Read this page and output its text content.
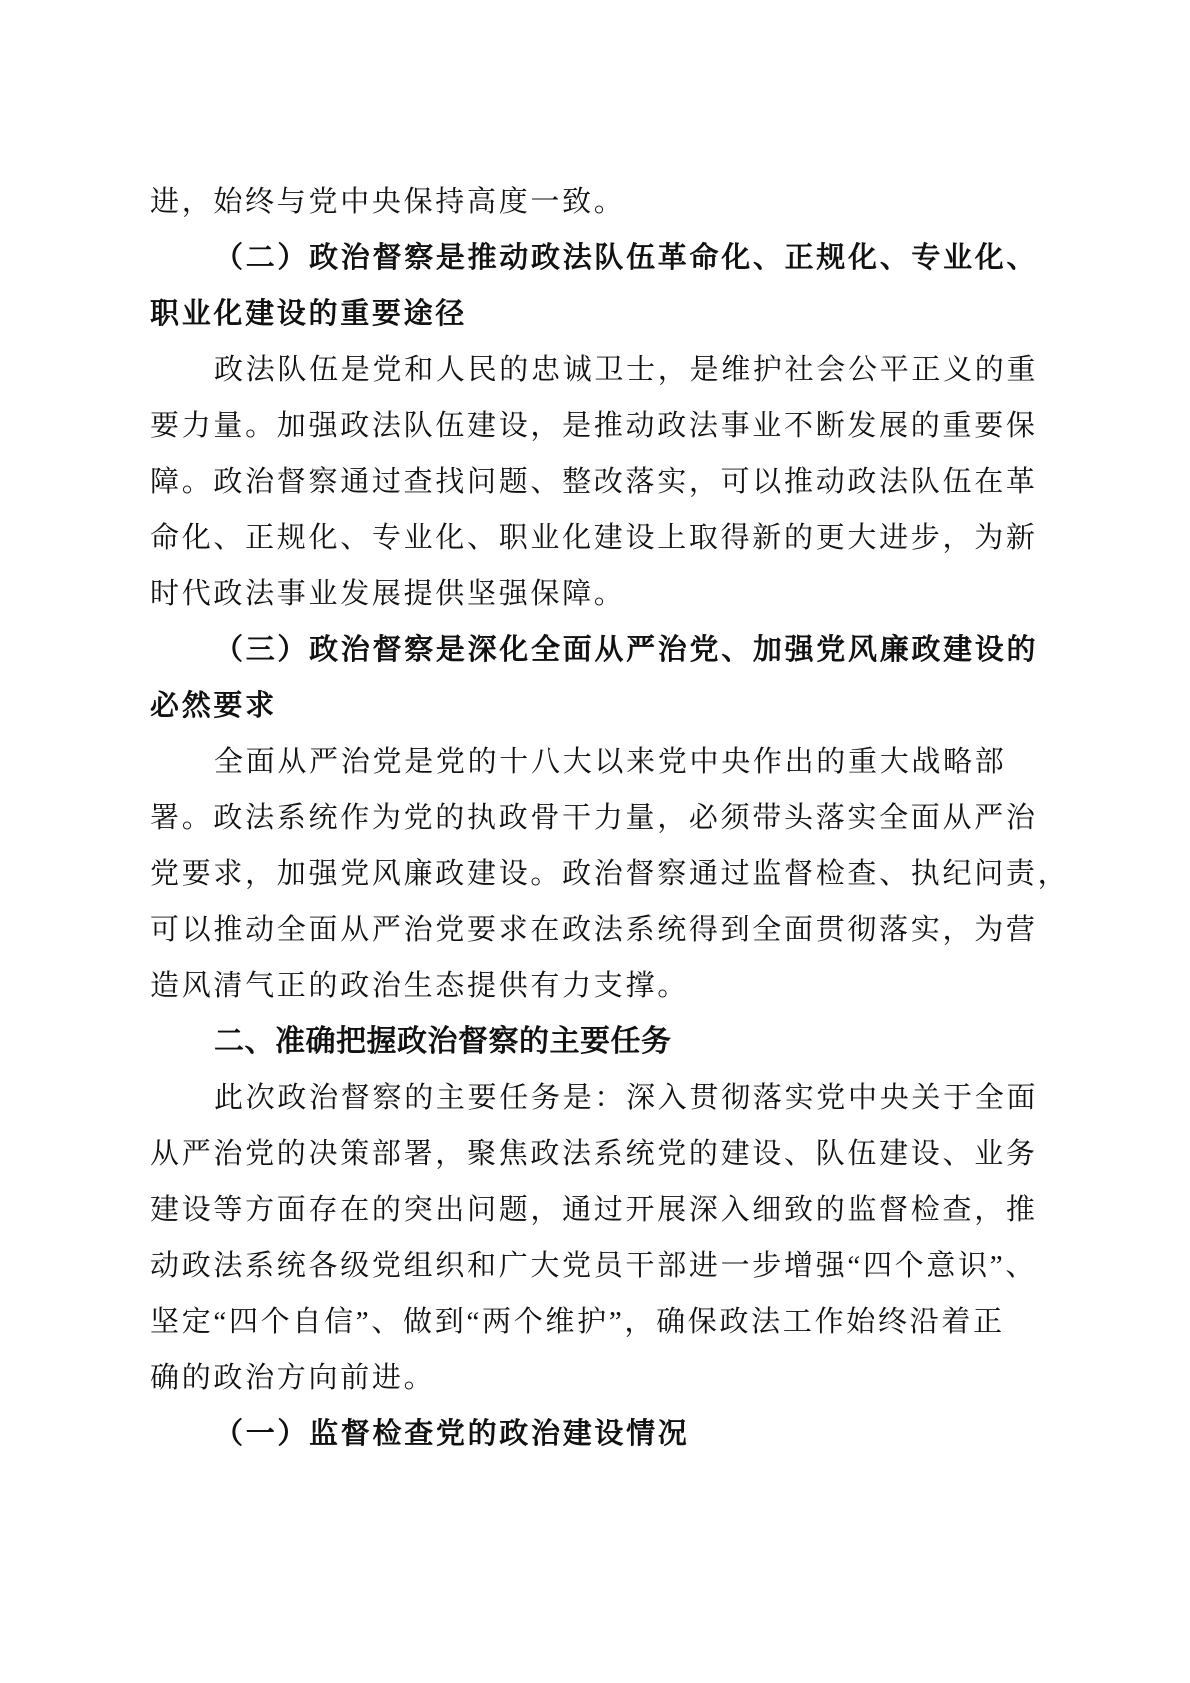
进，始终与党中央保持高度一致。
（二）政治督察是推动政法队伍革命化、正规化、专业化、
职业化建设的重要途径
政法队伍是党和人民的忠诚卫士，是维护社会公平正义的重
要力量。加强政法队伍建设，是推动政法事业不断发展的重要保
障。政治督察通过查找问题、整改落实，可以推动政法队伍在革
命化、正规化、专业化、职业化建设上取得新的更大进步，为新
时代政法事业发展提供坚强保障。
（三）政治督察是深化全面从严治党、加强党风廉政建设的
必然要求
全面从严治党是党的十八大以来党中央作出的重大战略部
署。政法系统作为党的执政骨干力量，必须带头落实全面从严治
党要求，加强党风廉政建设。政治督察通过监督检查、执纪问责，
可以推动全面从严治党要求在政法系统得到全面贯彻落实，为营
造风清气正的政治生态提供有力支撑。
二、准确把握政治督察的主要任务
此次政治督察的主要任务是：深入贯彻落实党中央关于全面
从严治党的决策部署，聚焦政法系统党的建设、队伍建设、业务
建设等方面存在的突出问题，通过开展深入细致的监督检查，推
动政法系统各级党组织和广大党员干部进一步增强“四个意识”、
坚定“四个自信”、做到“两个维护”，确保政法工作始终沿着正
确的政治方向前进。
（一）监督检查党的政治建设情况
